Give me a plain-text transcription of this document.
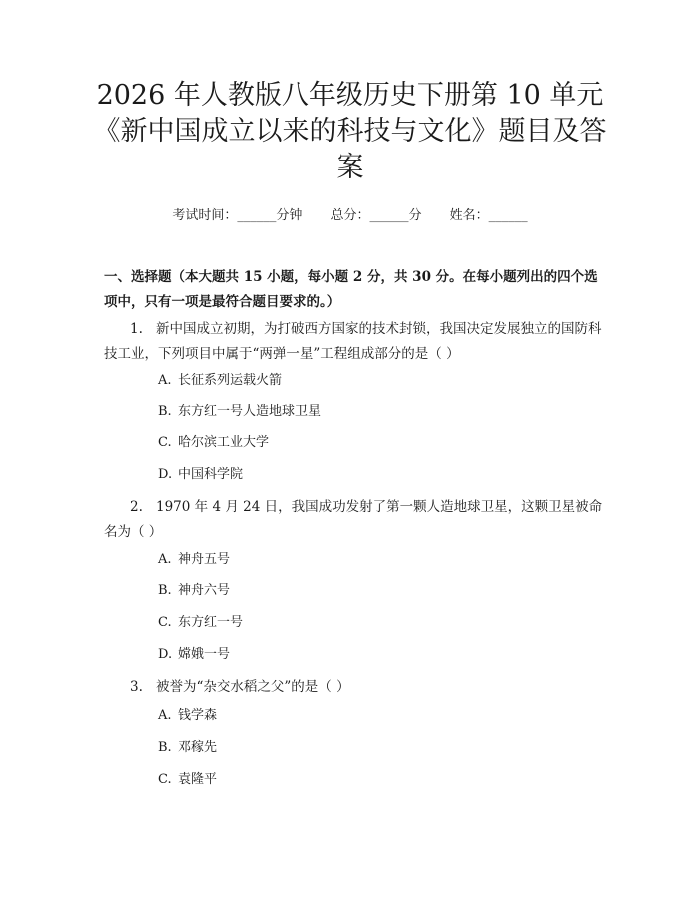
2026 年人教版八年级历史下册第 10 单元
《新中国成立以来的科技与文化》题目及答
案
考试时间：______分钟 总分：______分 姓名：______

一、选择题（本大题共 15 小题，每小题 2 分，共 30 分。在每小题列出的四个选项中，只有一项是最符合题目要求的。）

1. 新中国成立初期，为打破西方国家的技术封锁，我国决定发展独立的国防科技工业，下列项目中属于“两弹一星”工程组成部分的是（ ）
A. 长征系列运载火箭
B. 东方红一号人造地球卫星
C. 哈尔滨工业大学
D. 中国科学院
2. 1970 年 4 月 24 日，我国成功发射了第一颗人造地球卫星，这颗卫星被命名为（ ）
A. 神舟五号
B. 神舟六号
C. 东方红一号
D. 嫦娥一号
3. 被誉为“杂交水稻之父”的是（ ）
A. 钱学森
B. 邓稼先
C. 袁隆平
